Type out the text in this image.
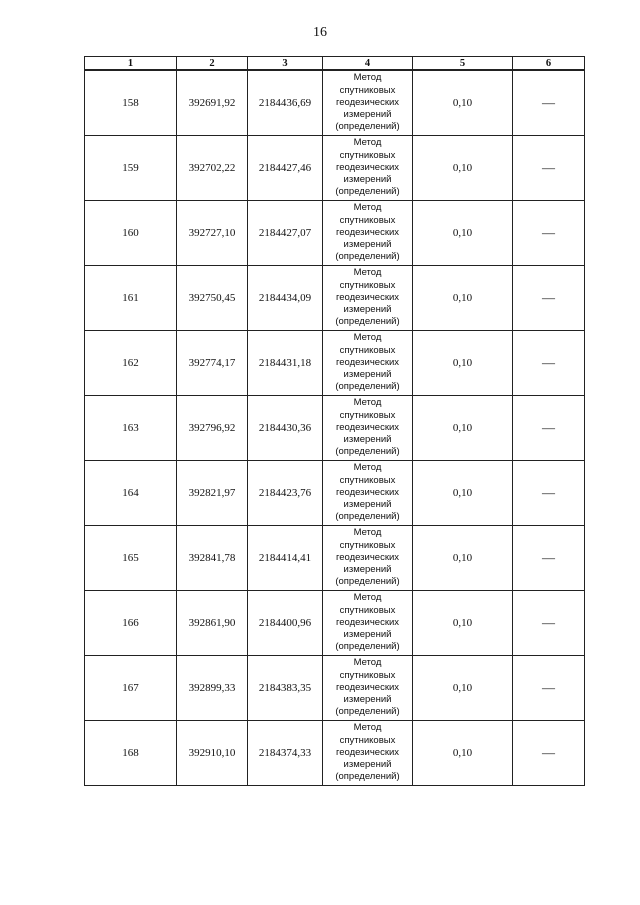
16
1	2	3	4	5	6
158	392691,92	2184436,69	Метод
спутниковых
геодезических
измерений
(определений)	0,10	—
159	392702,22	2184427,46	Метод
спутниковых
геодезических
измерений
(определений)	0,10	—
160	392727,10	2184427,07	Метод
спутниковых
геодезических
измерений
(определений)	0,10	—
161	392750,45	2184434,09	Метод
спутниковых
геодезических
измерений
(определений)	0,10	—
162	392774,17	2184431,18	Метод
спутниковых
геодезических
измерений
(определений)	0,10	—
163	392796,92	2184430,36	Метод
спутниковых
геодезических
измерений
(определений)	0,10	—
164	392821,97	2184423,76	Метод
спутниковых
геодезических
измерений
(определений)	0,10	—
165	392841,78	2184414,41	Метод
спутниковых
геодезических
измерений
(определений)	0,10	—
166	392861,90	2184400,96	Метод
спутниковых
геодезических
измерений
(определений)	0,10	—
167	392899,33	2184383,35	Метод
спутниковых
геодезических
измерений
(определений)	0,10	—
168	392910,10	2184374,33	Метод
спутниковых
геодезических
измерений
(определений)	0,10	—
